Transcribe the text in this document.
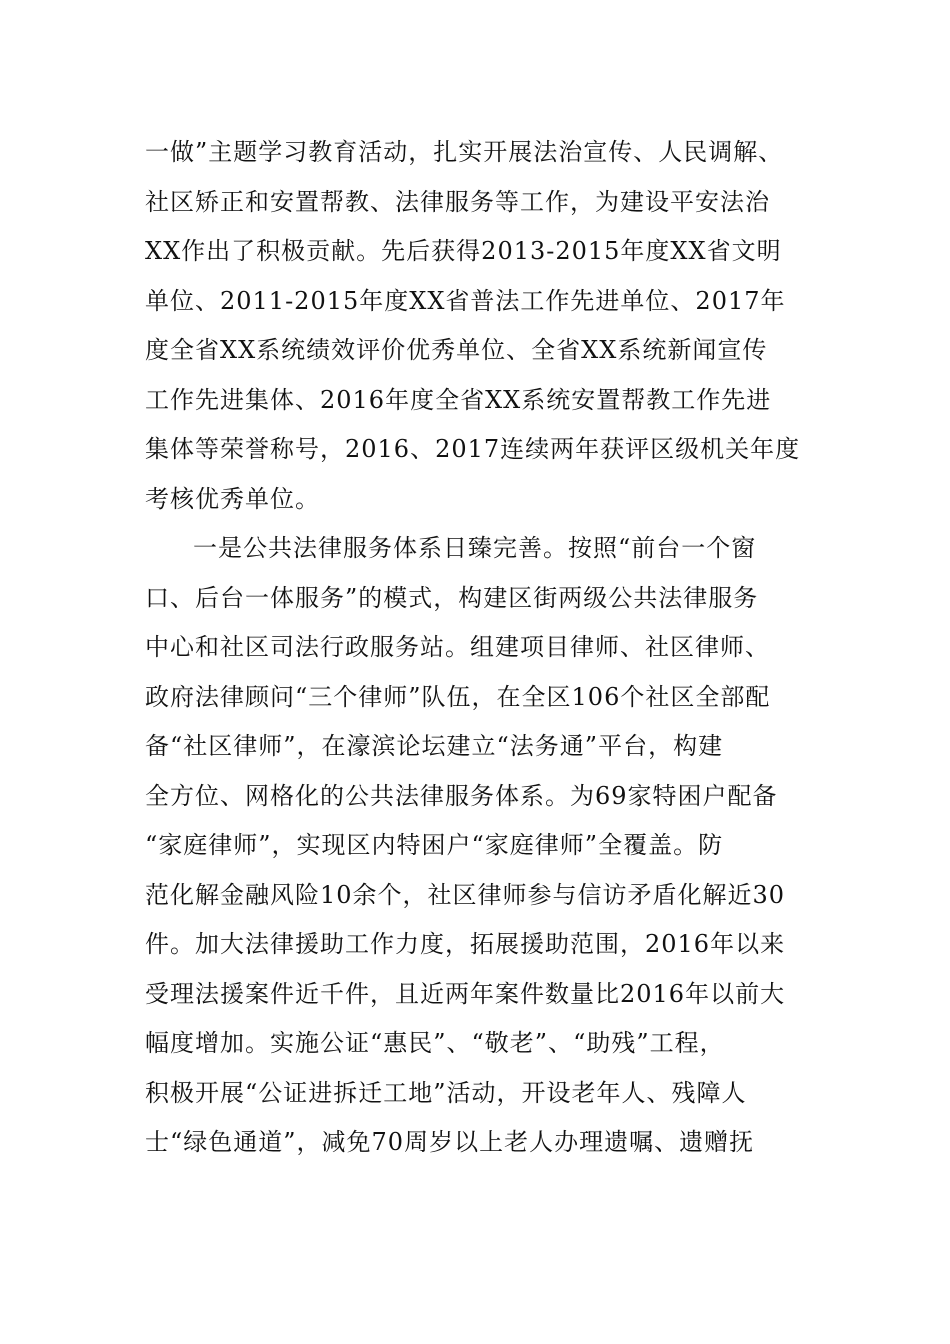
一做”主题学习教育活动，扎实开展法治宣传、人民调解、
社区矫正和安置帮教、法律服务等工作，为建设平安法治
XX作出了积极贡献。先后获得2013-2015年度XX省文明
单位、2011-2015年度XX省普法工作先进单位、2017年
度全省XX系统绩效评价优秀单位、全省XX系统新闻宣传
工作先进集体、2016年度全省XX系统安置帮教工作先进
集体等荣誉称号，2016、2017连续两年获评区级机关年度
考核优秀单位。
一是公共法律服务体系日臻完善。按照“前台一个窗
口、后台一体服务”的模式，构建区街两级公共法律服务
中心和社区司法行政服务站。组建项目律师、社区律师、
政府法律顾问“三个律师”队伍，在全区106个社区全部配
备“社区律师”，在濠滨论坛建立“法务通”平台，构建
全方位、网格化的公共法律服务体系。为69家特困户配备
“家庭律师”，实现区内特困户“家庭律师”全覆盖。防
范化解金融风险10余个，社区律师参与信访矛盾化解近30
件。加大法律援助工作力度，拓展援助范围，2016年以来
受理法援案件近千件，且近两年案件数量比2016年以前大
幅度增加。实施公证“惠民”、“敬老”、“助残”工程，
积极开展“公证进拆迁工地”活动，开设老年人、残障人
士“绿色通道”，减免70周岁以上老人办理遗嘱、遗赠抚
